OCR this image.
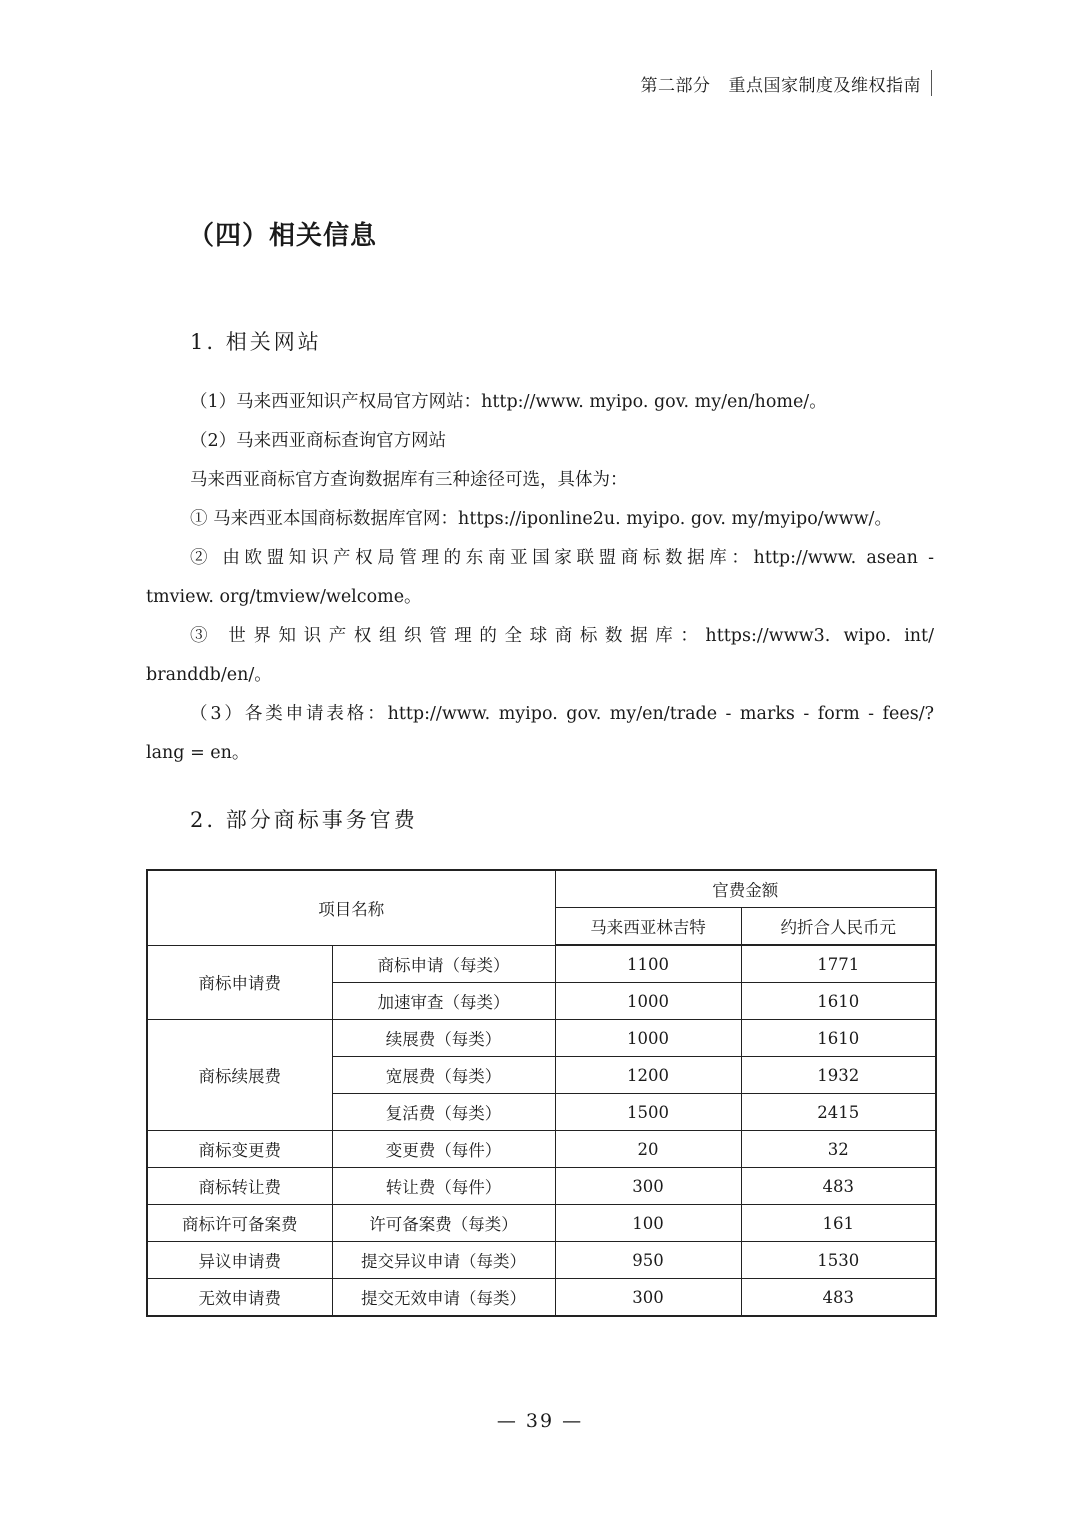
第二部分 重点国家制度及维权指南
（四）相关信息
1. 相关网站

（1）马来西亚知识产权局官方网站：http://www. myipo. gov. my/en/home/。

（2）马来西亚商标查询官方网站

马来西亚商标官方查询数据库有三种途径可选，具体为：

① 马来西亚本国商标数据库官网：https://iponline2u. myipo. gov. my/myipo/www/。

② 由欧盟知识产权局管理的东南亚国家联盟商标数据库：http://www. asean -

tmview. org/tmview/welcome。

③ 世界知识产权组织管理的全球商标数据库：https://www3. wipo. int/

branddb/en/。

（3）各类申请表格：http://www. myipo. gov. my/en/trade - marks - form - fees/?

lang = en。

2. 部分商标事务官费
项目名称		官费金额	
		马来西亚林吉特	约折合人民币元
商标申请费	商标申请（每类）	1100	1771
	加速审查（每类）	1000	1610
商标续展费	续展费（每类）	1000	1610
	宽展费（每类）	1200	1932
	复活费（每类）	1500	2415
商标变更费	变更费（每件）	20	32
商标转让费	转让费（每件）	300	483
商标许可备案费	许可备案费（每类）	100	161
异议申请费	提交异议申请（每类）	950	1530
无效申请费	提交无效申请（每类）	300	483
— 39 —
